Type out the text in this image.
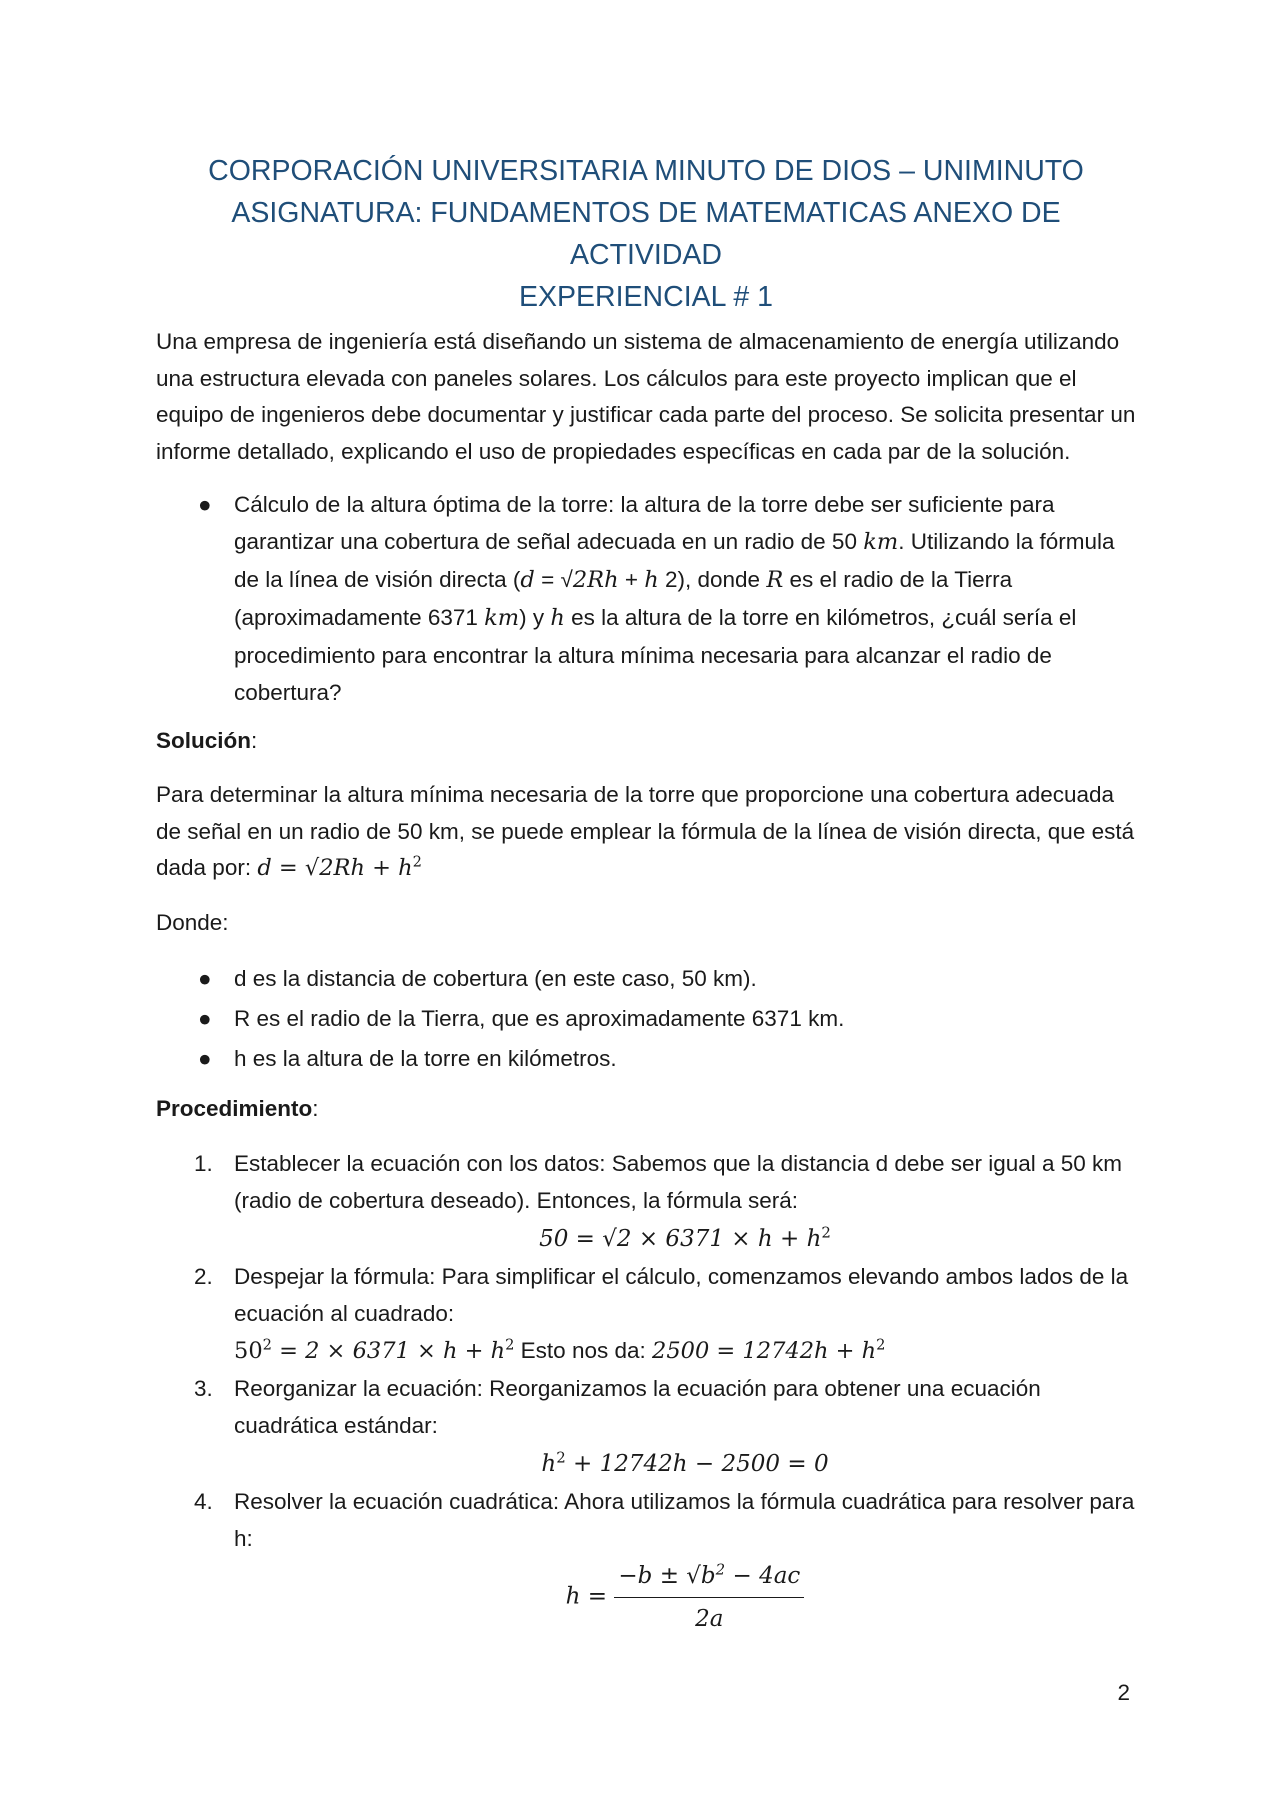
CORPORACIÓN UNIVERSITARIA MINUTO DE DIOS – UNIMINUTO
ASIGNATURA: FUNDAMENTOS DE MATEMATICAS ANEXO DE ACTIVIDAD
EXPERIENCIAL # 1

Una empresa de ingeniería está diseñando un sistema de almacenamiento de energía utilizando una estructura elevada con paneles solares. Los cálculos para este proyecto implican que el equipo de ingenieros debe documentar y justificar cada parte del proceso. Se solicita presentar un informe detallado, explicando el uso de propiedades específicas en cada par de la solución.

● Cálculo de la altura óptima de la torre: la altura de la torre debe ser suficiente para garantizar una cobertura de señal adecuada en un radio de 50 km. Utilizando la fórmula de la línea de visión directa (d = √2Rh + h 2), donde R es el radio de la Tierra (aproximadamente 6371 km) y h es la altura de la torre en kilómetros, ¿cuál sería el procedimiento para encontrar la altura mínima necesaria para alcanzar el radio de cobertura?
Solución:

Para determinar la altura mínima necesaria de la torre que proporcione una cobertura adecuada de señal en un radio de 50 km, se puede emplear la fórmula de la línea de visión directa, que está dada por: $d = √2Rh + h^2$

Donde:

● d es la distancia de cobertura (en este caso, 50 km).
● R es el radio de la Tierra, que es aproximadamente 6371 km.
● h es la altura de la torre en kilómetros.
Procedimiento:
1. Establecer la ecuación con los datos: Sabemos que la distancia d debe ser igual a 50 km (radio de cobertura deseado). Entonces, la fórmula será:
$50 = √2 \times 6371 \times h + h^2$
2. Despejar la fórmula: Para simplificar el cálculo, comenzamos elevando ambos lados de la ecuación al cuadrado:
$50^2 = 2 \times 6371 \times h + h^2$ Esto nos da: $2500 = 12742h + h^2$
3. Reorganizar la ecuación: Reorganizamos la ecuación para obtener una ecuación cuadrática estándar:
$h^2 + 12742h - 2500 = 0$
4. Resolver la ecuación cuadrática: Ahora utilizamos la fórmula cuadrática para resolver para h:
$h = \frac{-b \pm √b^2 - 4ac}{2a}$
2
